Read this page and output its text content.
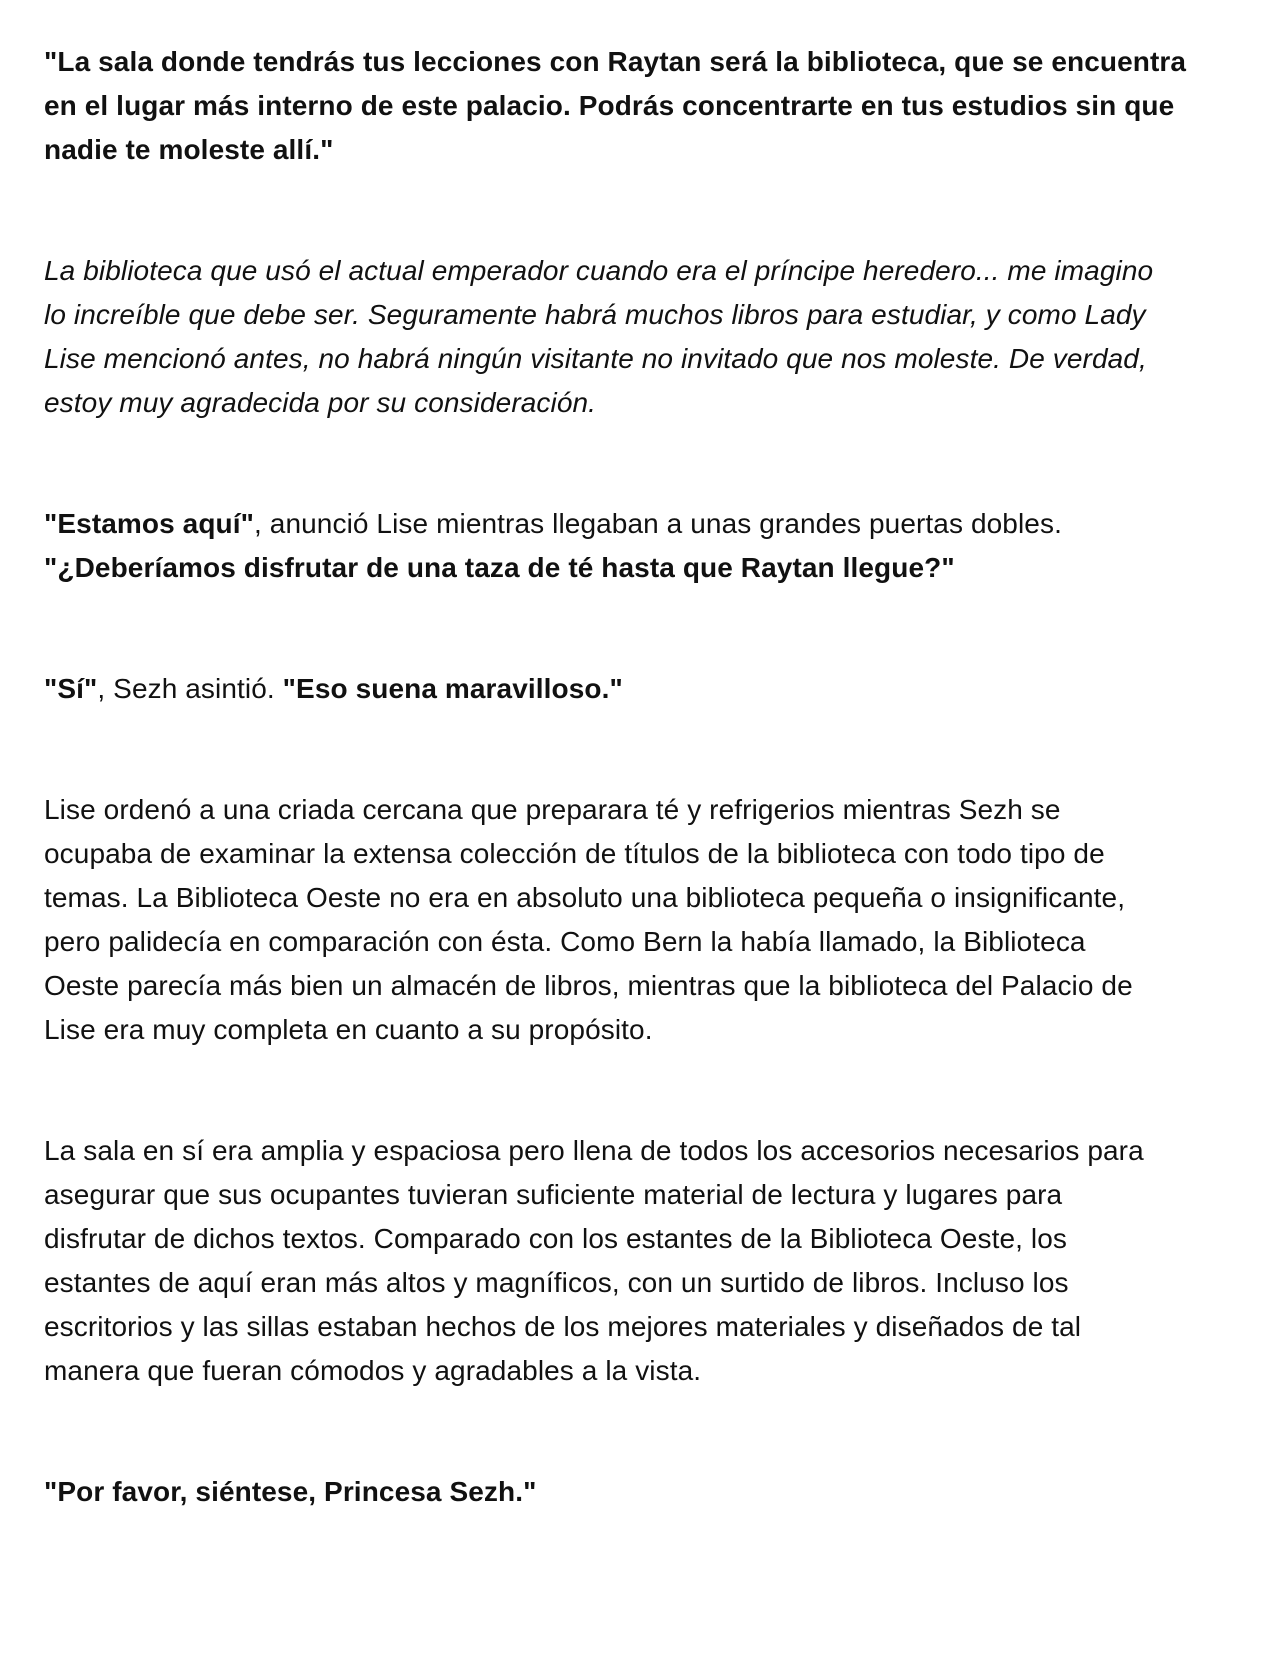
"La sala donde tendrás tus lecciones con Raytan será la biblioteca, que se encuentra
en el lugar más interno de este palacio. Podrás concentrarte en tus estudios sin que
nadie te moleste allí."

La biblioteca que usó el actual emperador cuando era el príncipe heredero... me imagino
lo increíble que debe ser. Seguramente habrá muchos libros para estudiar, y como Lady
Lise mencionó antes, no habrá ningún visitante no invitado que nos moleste. De verdad,
estoy muy agradecida por su consideración.

"Estamos aquí", anunció Lise mientras llegaban a unas grandes puertas dobles.
"¿Deberíamos disfrutar de una taza de té hasta que Raytan llegue?"

"Sí", Sezh asintió. "Eso suena maravilloso."

Lise ordenó a una criada cercana que preparara té y refrigerios mientras Sezh se
ocupaba de examinar la extensa colección de títulos de la biblioteca con todo tipo de
temas. La Biblioteca Oeste no era en absoluto una biblioteca pequeña o insignificante,
pero palidecía en comparación con ésta. Como Bern la había llamado, la Biblioteca
Oeste parecía más bien un almacén de libros, mientras que la biblioteca del Palacio de
Lise era muy completa en cuanto a su propósito.

La sala en sí era amplia y espaciosa pero llena de todos los accesorios necesarios para
asegurar que sus ocupantes tuvieran suficiente material de lectura y lugares para
disfrutar de dichos textos. Comparado con los estantes de la Biblioteca Oeste, los
estantes de aquí eran más altos y magníficos, con un surtido de libros. Incluso los
escritorios y las sillas estaban hechos de los mejores materiales y diseñados de tal
manera que fueran cómodos y agradables a la vista.

"Por favor, siéntese, Princesa Sezh."
